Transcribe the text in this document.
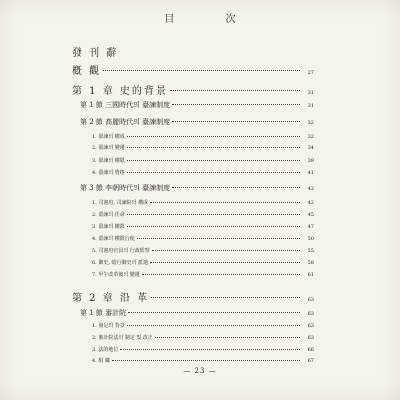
目 次
發 刊 辭
槪 觀	27
第 1 章 史的背景	31
第 1 節 三國時代의 臺諫制度	31
第 2 節 高麗時代의 臺諫制度	32
1. 臺諫의 構成	32
2. 臺諫의 變遷	34
3. 臺諫의 權限	39
4. 臺諫의 資格	41
第 3 節 李朝時代의 臺諫制度	42
1. 司憲府, 司諫院의 構成	42
2. 臺諫의 任命	45
3. 臺諫의 權限	47
4. 臺諫의 權限行使	50
5. 司憲府官員의 行政監察	55
6. 御史, 暗行御史의 派遣	58
7. 甲午改革後의 變遷	61
第 2 章 沿 革	63
第 1 節 審計院	63
1. 發足의 背景	63
2. 審計院法의 制定 및 改正	63
3. 法的地位	66
4. 組 織	67
— 23 —
